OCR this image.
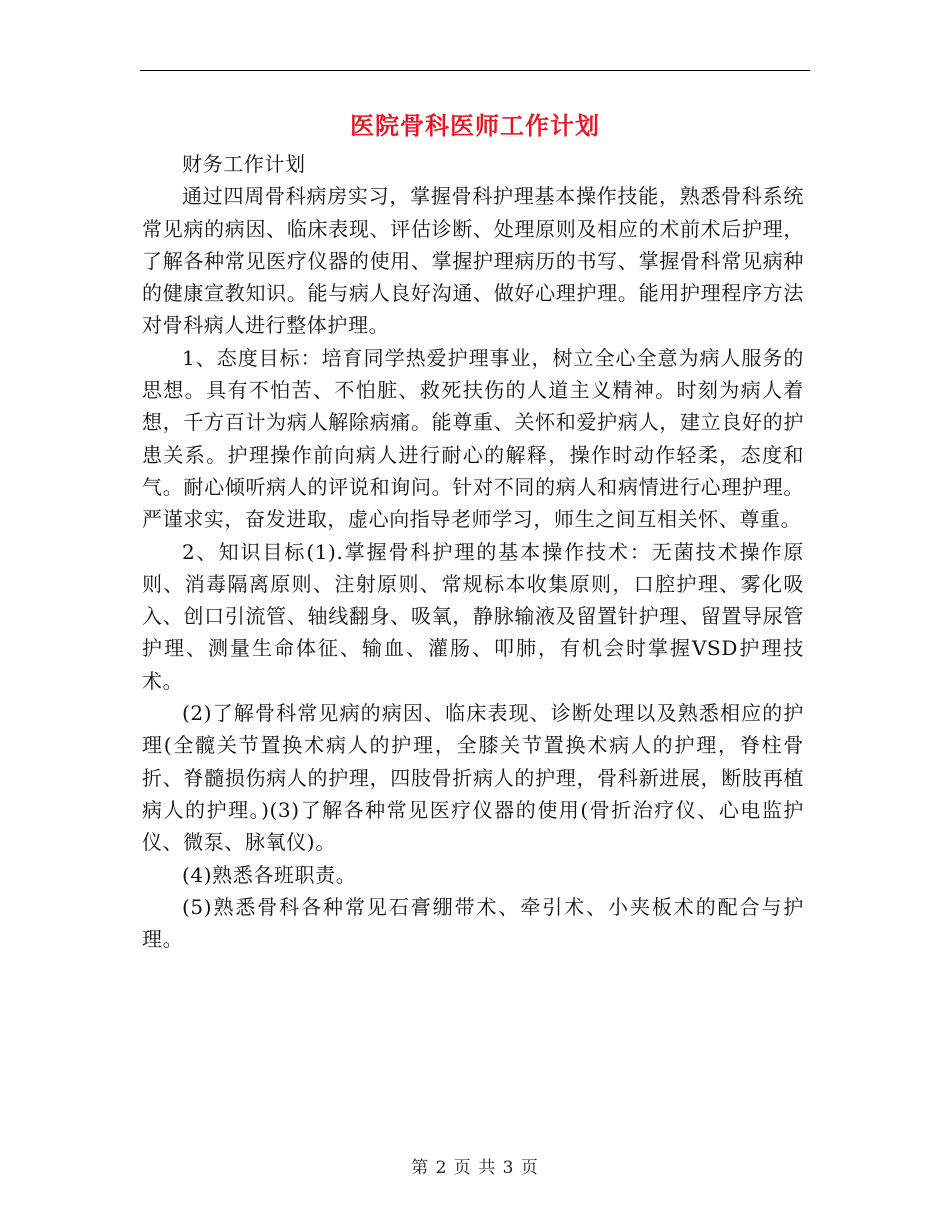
医院骨科医师工作计划

财务工作计划

通过四周骨科病房实习，掌握骨科护理基本操作技能，熟悉骨科系统常见病的病因、临床表现、评估诊断、处理原则及相应的术前术后护理，了解各种常见医疗仪器的使用、掌握护理病历的书写、掌握骨科常见病种的健康宣教知识。能与病人良好沟通、做好心理护理。能用护理程序方法对骨科病人进行整体护理。

1、态度目标：培育同学热爱护理事业，树立全心全意为病人服务的思想。具有不怕苦、不怕脏、救死扶伤的人道主义精神。时刻为病人着想，千方百计为病人解除病痛。能尊重、关怀和爱护病人，建立良好的护患关系。护理操作前向病人进行耐心的解释，操作时动作轻柔，态度和气。耐心倾听病人的评说和询问。针对不同的病人和病情进行心理护理。严谨求实，奋发进取，虚心向指导老师学习，师生之间互相关怀、尊重。

2、知识目标(1).掌握骨科护理的基本操作技术：无菌技术操作原则、消毒隔离原则、注射原则、常规标本收集原则，口腔护理、雾化吸入、创口引流管、轴线翻身、吸氧，静脉输液及留置针护理、留置导尿管护理、测量生命体征、输血、灌肠、叩肺，有机会时掌握VSD护理技术。

(2)了解骨科常见病的病因、临床表现、诊断处理以及熟悉相应的护理(全髋关节置换术病人的护理，全膝关节置换术病人的护理，脊柱骨折、脊髓损伤病人的护理，四肢骨折病人的护理，骨科新进展，断肢再植病人的护理。)(3)了解各种常见医疗仪器的使用(骨折治疗仪、心电监护仪、微泵、脉氧仪)。

(4)熟悉各班职责。

(5)熟悉骨科各种常见石膏绷带术、牵引术、小夹板术的配合与护理。

第 2 页 共 3 页
